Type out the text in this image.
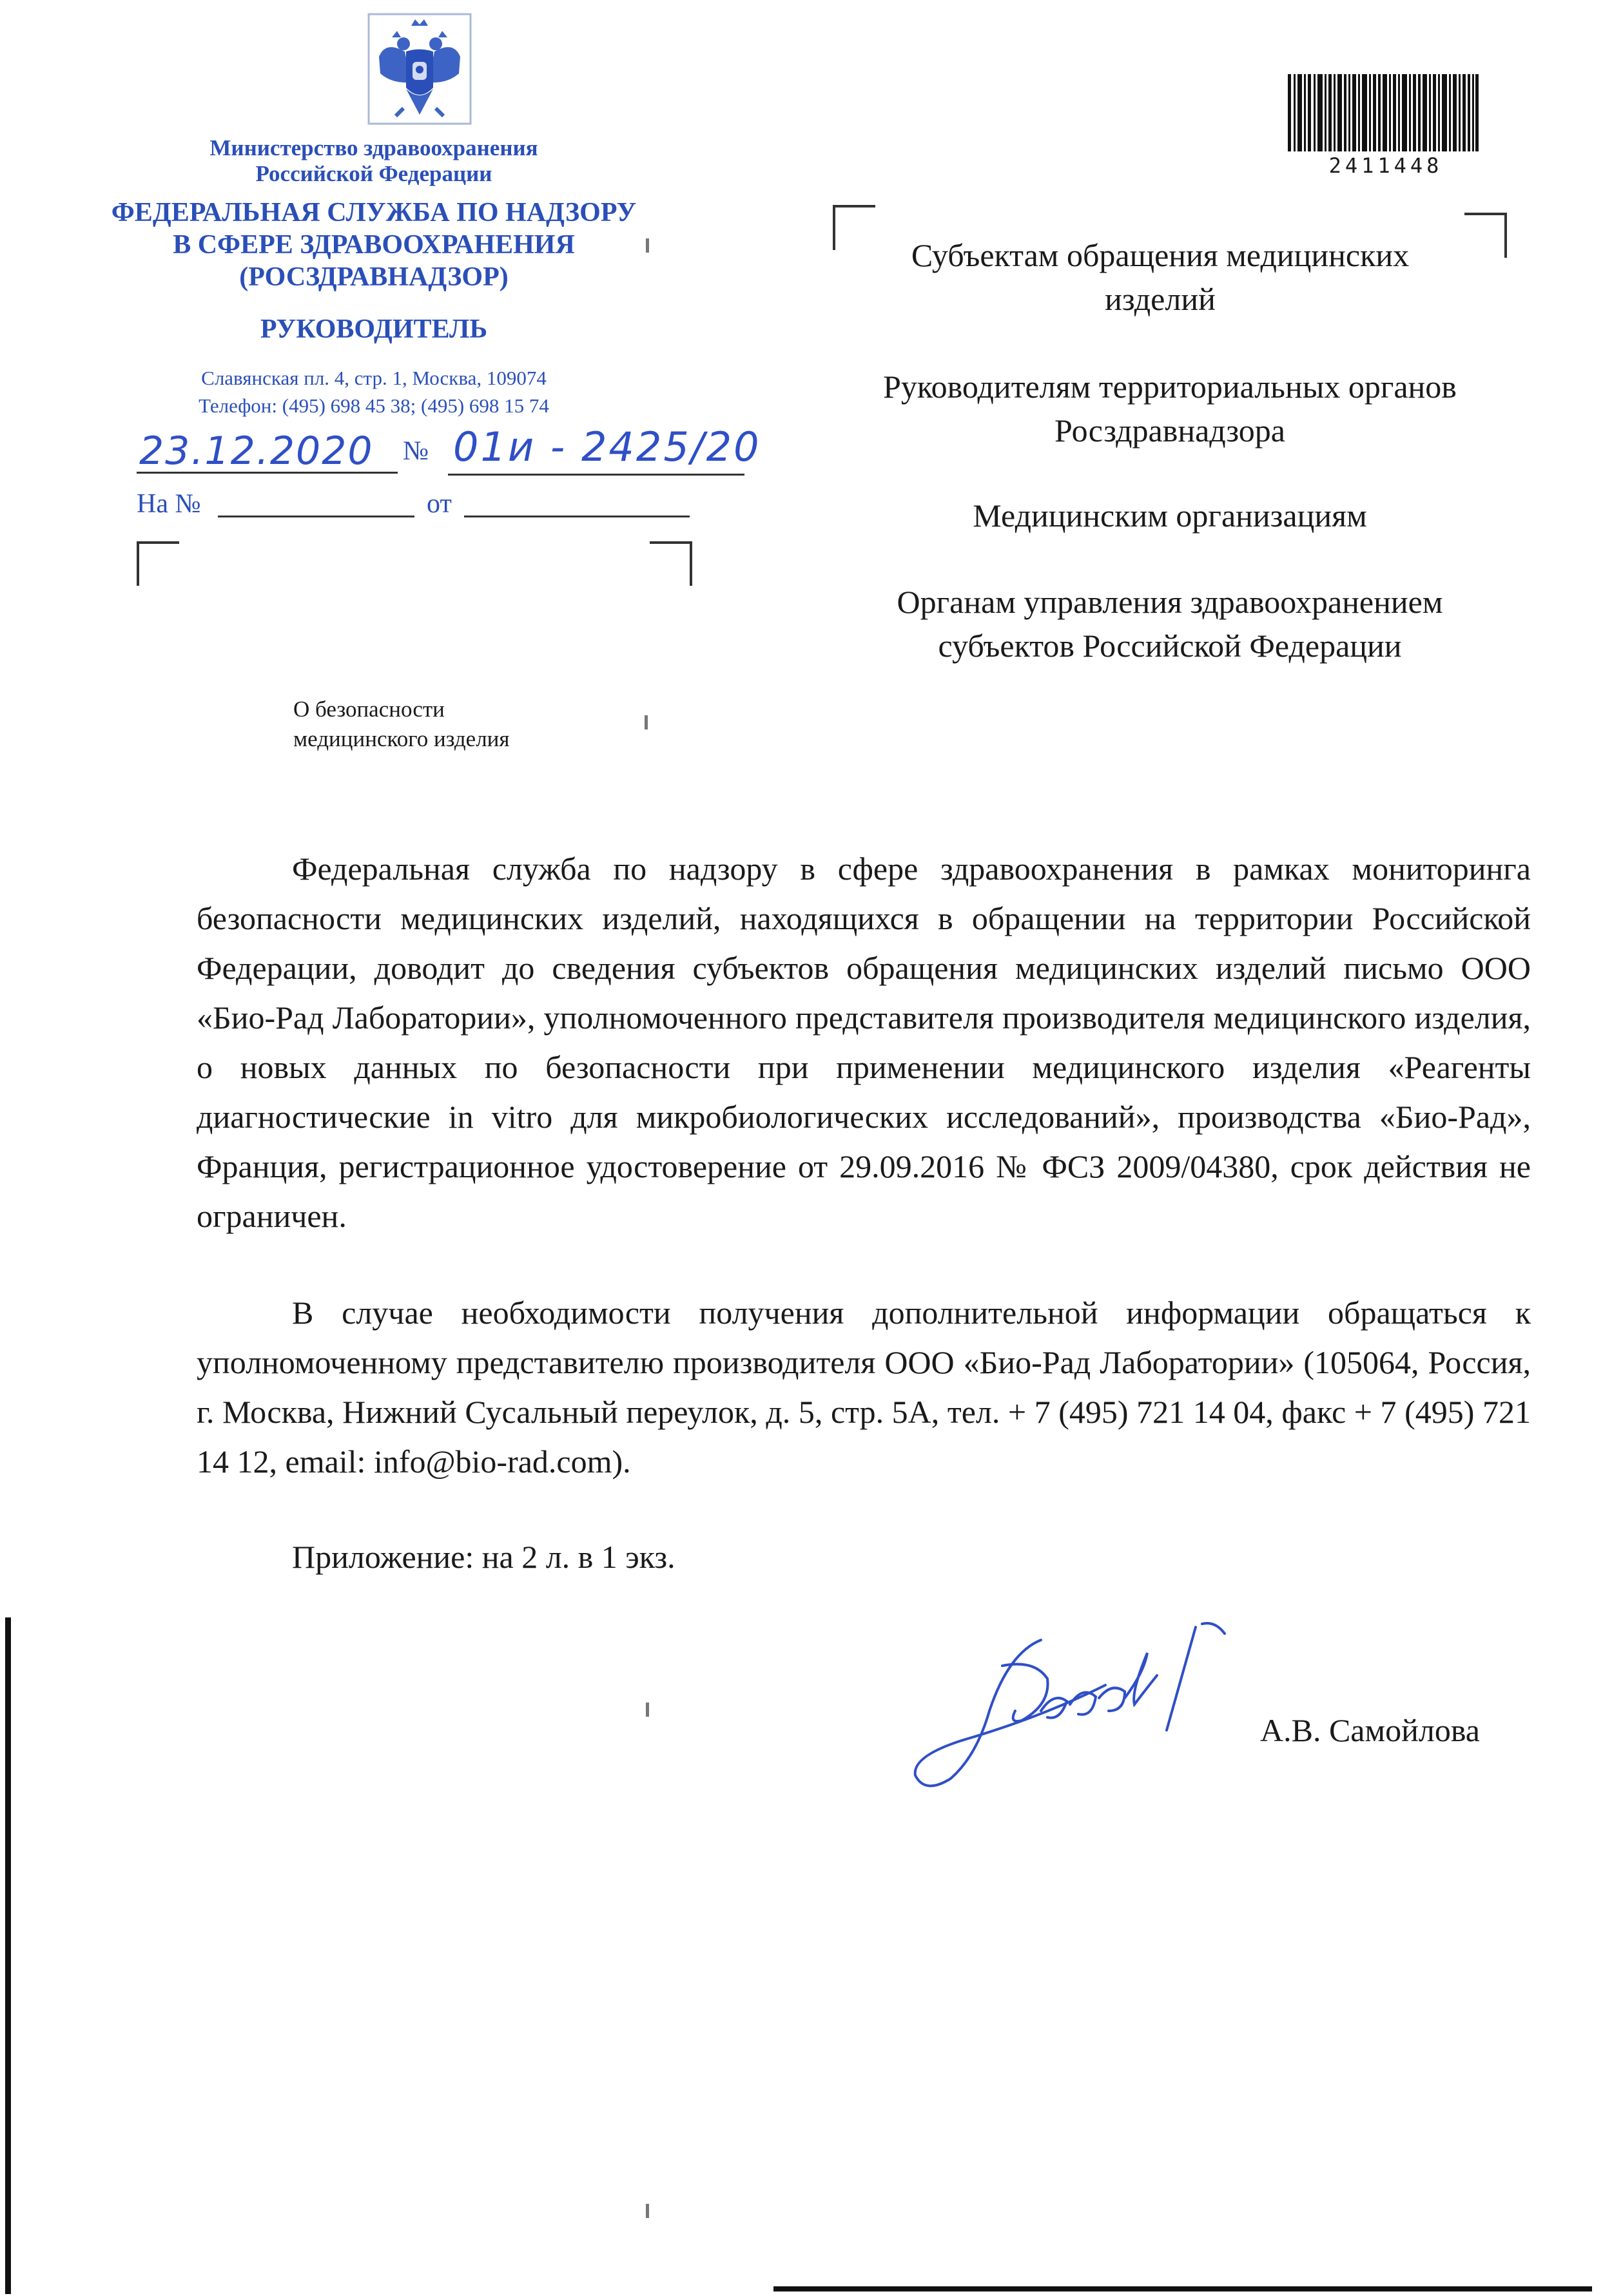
Министерство здравоохранения
Российской Федерации
ФЕДЕРАЛЬНАЯ СЛУЖБА ПО НАДЗОРУ
В СФЕРЕ ЗДРАВООХРАНЕНИЯ
(РОСЗДРАВНАДЗОР)
РУКОВОДИТЕЛЬ
Славянская пл. 4, стр. 1, Москва, 109074
Телефон: (495) 698 45 38; (495) 698 15 74
23.12.2020 № 01и - 2425/20
На №	от
О безопасности
медицинского изделия
2411448
Субъектам обращения медицинских изделий
Руководителям территориальных органов Росздравнадзора
Медицинским организациям
Органам управления здравоохранением субъектов Российской Федерации
Федеральная служба по надзору в сфере здравоохранения в рамках мониторинга безопасности медицинских изделий, находящихся в обращении на территории Российской Федерации, доводит до сведения субъектов обращения медицинских изделий письмо ООО «Био-Рад Лаборатории», уполномоченного представителя производителя медицинского изделия, о новых данных по безопасности при применении медицинского изделия «Реагенты диагностические in vitro для микробиологических исследований», производства «Био-Рад», Франция, регистрационное удостоверение от 29.09.2016 № ФСЗ 2009/04380, срок действия не ограничен.
В случае необходимости получения дополнительной информации обращаться к уполномоченному представителю производителя ООО «Био-Рад Лаборатории» (105064, Россия, г. Москва, Нижний Сусальный переулок, д. 5, стр. 5А, тел. + 7 (495) 721 14 04, факс + 7 (495) 721 14 12, email: info@bio-rad.com).
Приложение: на 2 л. в 1 экз.
А.В. Самойлова
